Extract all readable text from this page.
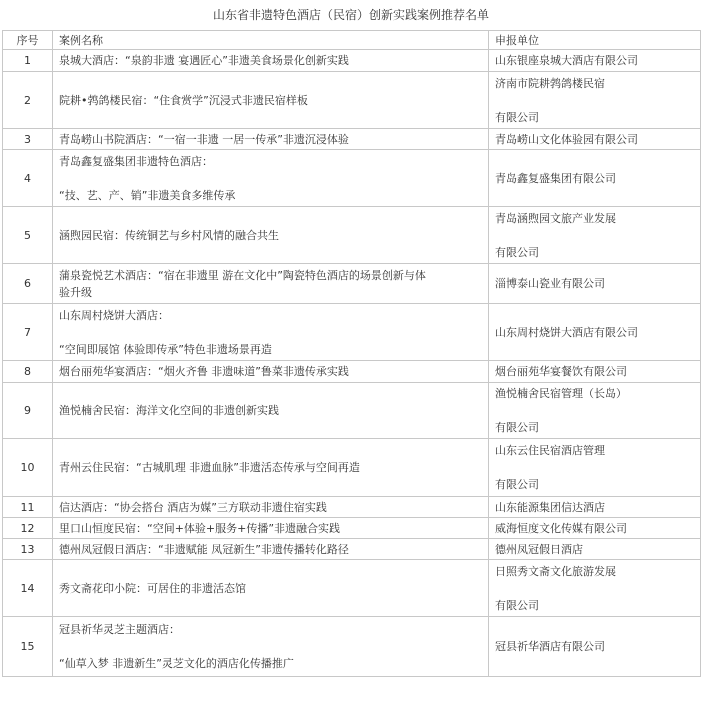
山东省非遗特色酒店（民宿）创新实践案例推荐名单
序号	案例名称	申报单位
1	泉城大酒店：“泉韵非遗 宴遇匠心”非遗美食场景化创新实践	山东银座泉城大酒店有限公司

2	院耕•鹁鸽楼民宿：“住食赏学”沉浸式非遗民宿样板	济南市院耕鹁鸽楼民宿
有限公司

3	青岛崂山书院酒店：“一宿一非遗 一居一传承”非遗沉浸体验	青岛崂山文化体验园有限公司

4	青岛鑫复盛集团非遗特色酒店：
“技、艺、产、销”非遗美食多维传承	青岛鑫复盛集团有限公司

5	涵煦园民宿：传统铜艺与乡村风情的融合共生	青岛涵煦园文旅产业发展
有限公司

6	蒲泉瓷悦艺术酒店：“宿在非遗里 游在文化中”陶瓷特色酒店的场景创新与体
验升级	淄博泰山瓷业有限公司

7	山东周村烧饼大酒店：
“空间即展馆 体验即传承”特色非遗场景再造	山东周村烧饼大酒店有限公司

8	烟台丽苑华宴酒店：“烟火齐鲁 非遗味道”鲁菜非遗传承实践	烟台丽苑华宴餐饮有限公司

9	渔悦楠舍民宿：海洋文化空间的非遗创新实践	渔悦楠舍民宿管理（长岛）
有限公司

10	青州云住民宿：“古城肌理 非遗血脉”非遗活态传承与空间再造	山东云住民宿酒店管理
有限公司

11	信达酒店：“协会搭台 酒店为媒”三方联动非遗住宿实践	山东能源集团信达酒店

12	里口山恒度民宿：“空间+体验+服务+传播”非遗融合实践	威海恒度文化传媒有限公司

13	德州凤冠假日酒店：“非遗赋能 凤冠新生”非遗传播转化路径	德州凤冠假日酒店

14	秀文斋花印小院：可居住的非遗活态馆	日照秀文斋文化旅游发展
有限公司

15	冠县祈华灵芝主题酒店：
“仙草入梦 非遗新生”灵芝文化的酒店化传播推广	冠县祈华酒店有限公司
